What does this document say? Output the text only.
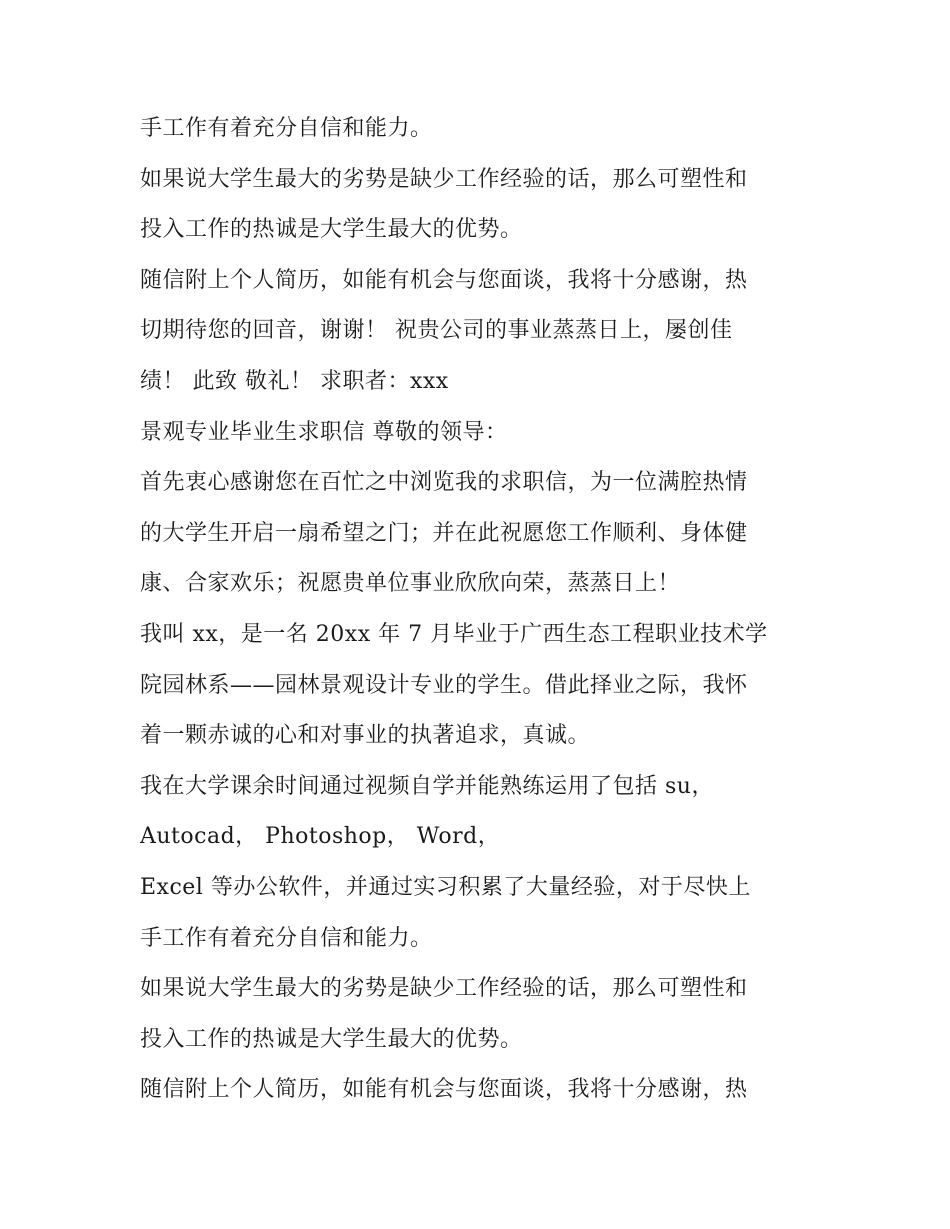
手工作有着充分自信和能力。
如果说大学生最大的劣势是缺少工作经验的话，那么可塑性和
投入工作的热诚是大学生最大的优势。
随信附上个人简历，如能有机会与您面谈，我将十分感谢，热
切期待您的回音，谢谢！ 祝贵公司的事业蒸蒸日上，屡创佳
绩！ 此致 敬礼！ 求职者：xxx
景观专业毕业生求职信 尊敬的领导：
首先衷心感谢您在百忙之中浏览我的求职信，为一位满腔热情
的大学生开启一扇希望之门；并在此祝愿您工作顺利、身体健
康、合家欢乐；祝愿贵单位事业欣欣向荣，蒸蒸日上！
我叫 xx，是一名 20xx 年 7 月毕业于广西生态工程职业技术学
院园林系——园林景观设计专业的学生。借此择业之际，我怀
着一颗赤诚的心和对事业的执著追求，真诚。
我在大学课余时间通过视频自学并能熟练运用了包括 su，
Autocad， Photoshop， Word，
Excel 等办公软件，并通过实习积累了大量经验，对于尽快上
手工作有着充分自信和能力。
如果说大学生最大的劣势是缺少工作经验的话，那么可塑性和
投入工作的热诚是大学生最大的优势。
随信附上个人简历，如能有机会与您面谈，我将十分感谢，热
